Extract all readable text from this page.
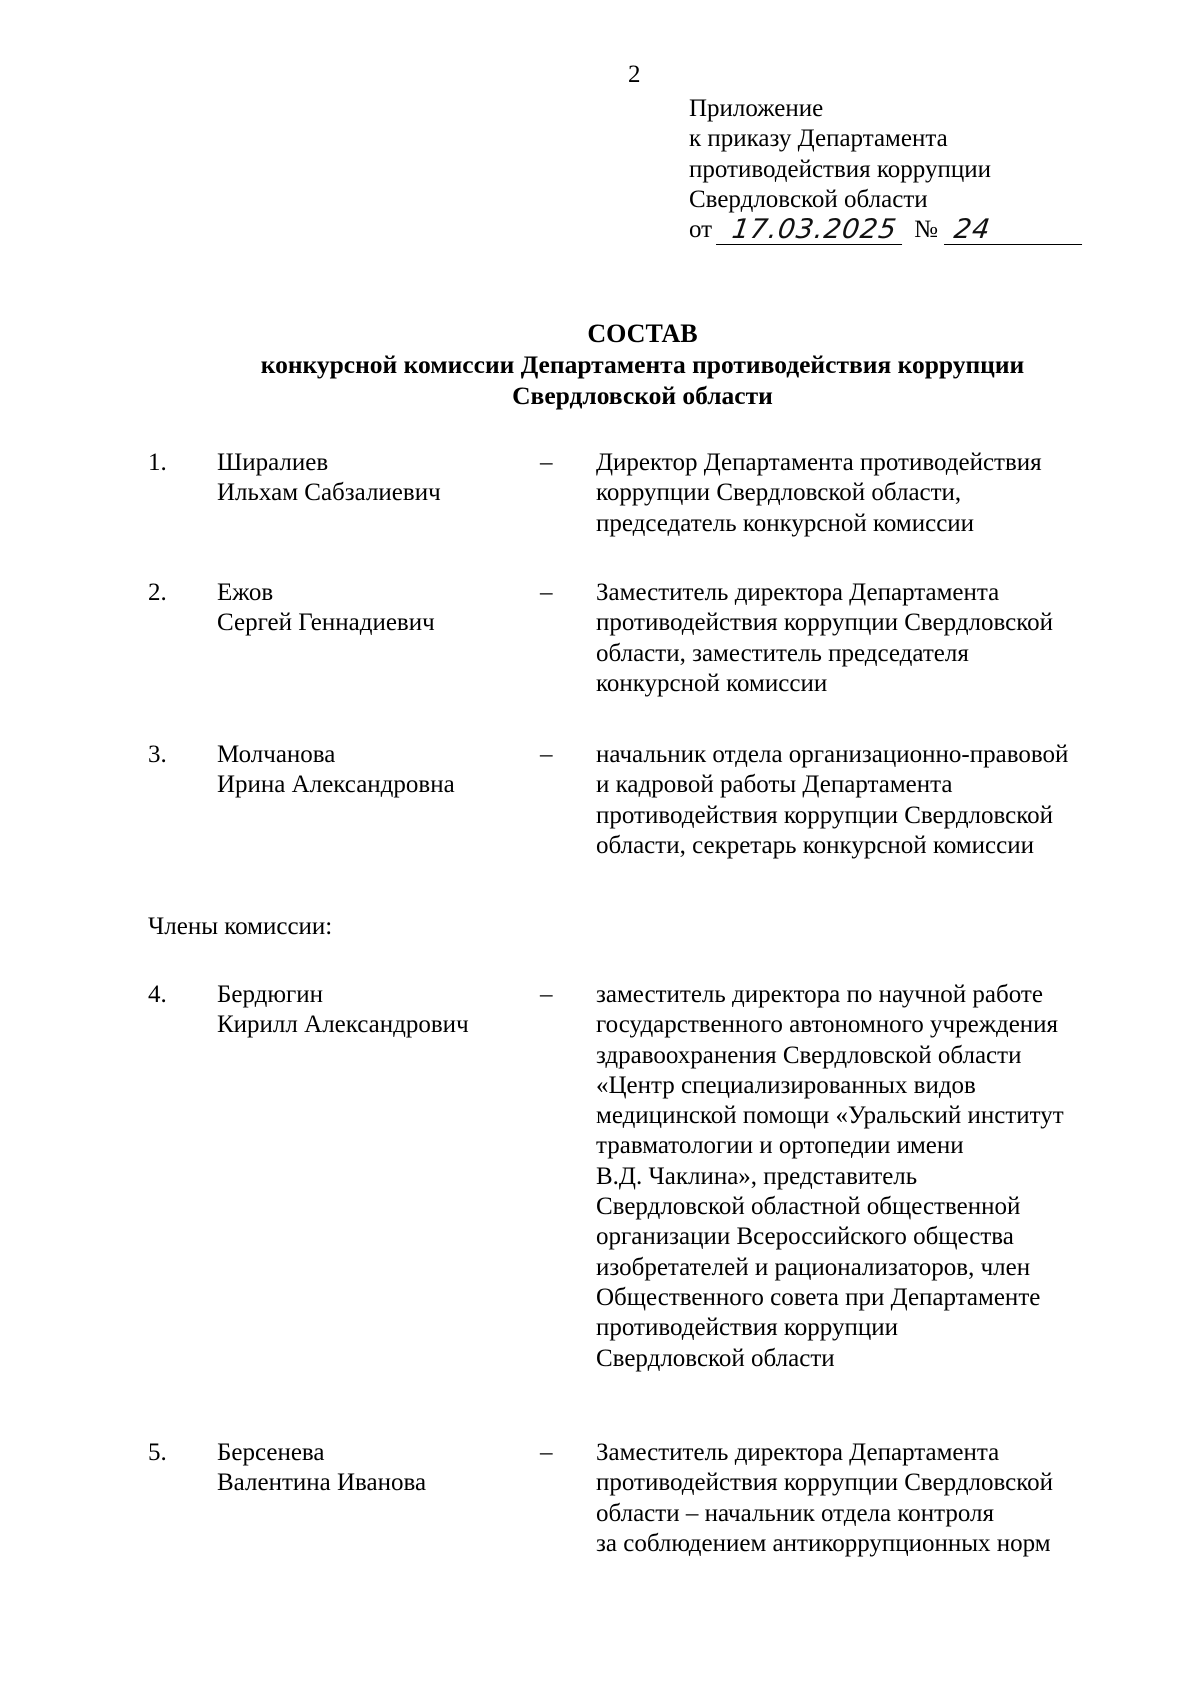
2
Приложение
к приказу Департамента
противодействия коррупции
Свердловской области
от 17.03.2025 № 24
СОСТАВ
конкурсной комиссии Департамента противодействия коррупции
Свердловской области
1. Ширалиев
Ильхам Сабзалиевич
– Директор Департамента противодействия
коррупции Свердловской области,
председатель конкурсной комиссии
2. Ежов
Сергей Геннадиевич
– Заместитель директора Департамента
противодействия коррупции Свердловской
области, заместитель председателя
конкурсной комиссии
3. Молчанова
Ирина Александровна
– начальник отдела организационно-правовой
и кадровой работы Департамента
противодействия коррупции Свердловской
области, секретарь конкурсной комиссии
Члены комиссии:
4. Бердюгин
Кирилл Александрович
– заместитель директора по научной работе
государственного автономного учреждения
здравоохранения Свердловской области
«Центр специализированных видов
медицинской помощи «Уральский институт
травматологии и ортопедии имени
В.Д. Чаклина», представитель
Свердловской областной общественной
организации Всероссийского общества
изобретателей и рационализаторов, член
Общественного совета при Департаменте
противодействия коррупции
Свердловской области
5. Берсенева
Валентина Иванова
– Заместитель директора Департамента
противодействия коррупции Свердловской
области – начальник отдела контроля
за соблюдением антикоррупционных норм
